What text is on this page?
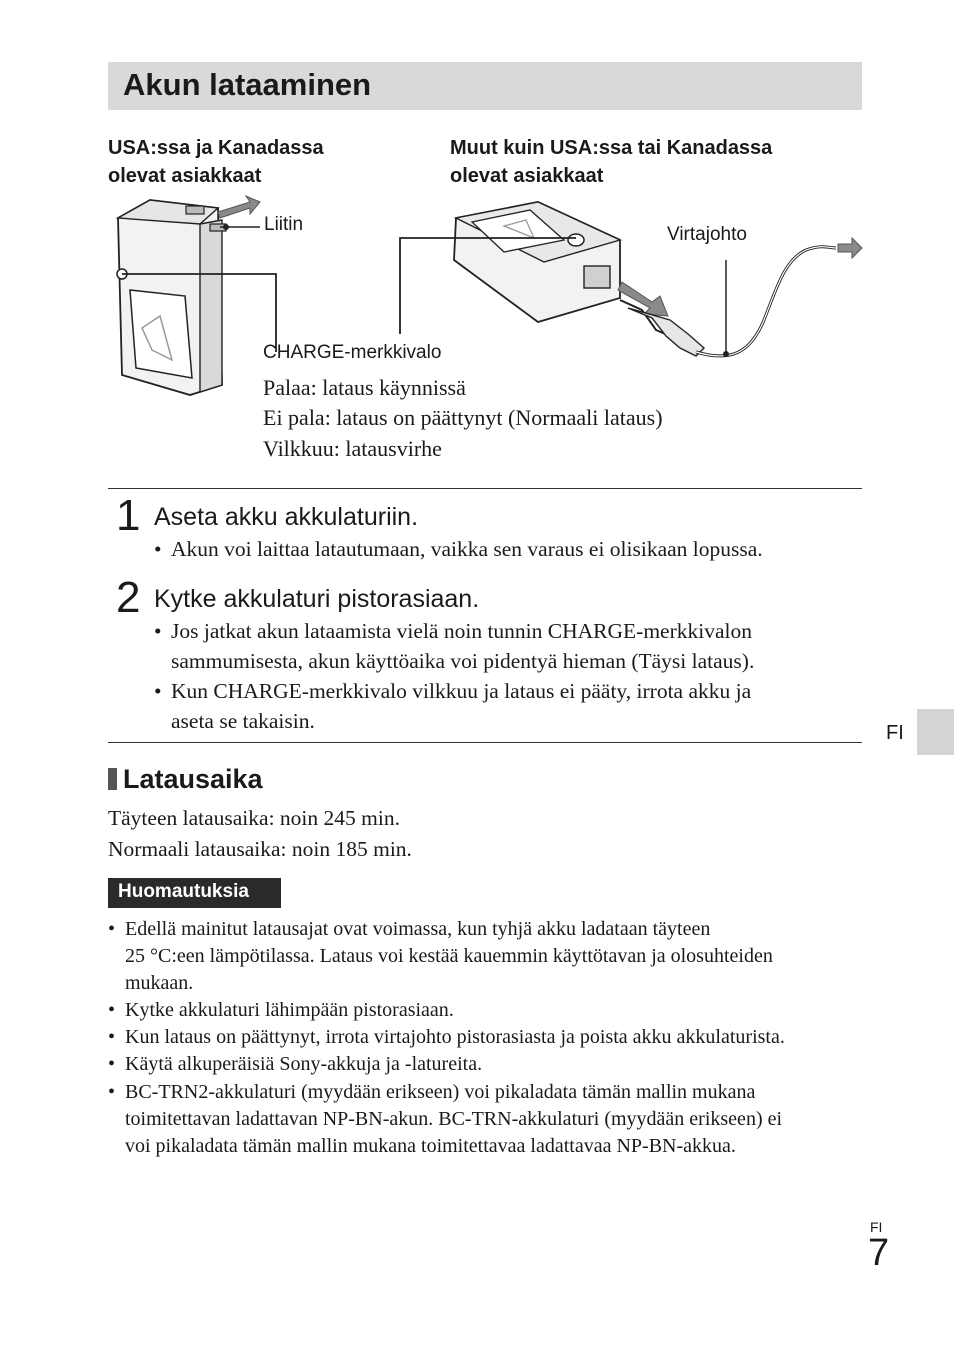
Akun lataaminen
USA:ssa ja Kanadassa
olevat asiakkaat
Muut kuin USA:ssa tai Kanadassa
olevat asiakkaat
Liitin	Virtajohto
CHARGE-merkkivalo
Palaa: lataus käynnissä
Ei pala: lataus on päättynyt (Normaali lataus)
Vilkkuu: latausvirhe
1 Aseta akku akkulaturiin.
• Akun voi laittaa latautumaan, vaikka sen varaus ei olisikaan lopussa.
2 Kytke akkulaturi pistorasiaan.
• Jos jatkat akun lataamista vielä noin tunnin CHARGE-merkkivalon
sammumisesta, akun käyttöaika voi pidentyä hieman (Täysi lataus).
• Kun CHARGE-merkkivalo vilkkuu ja lataus ei pääty, irrota akku ja
aseta se takaisin.
Latausaika
Täyteen latausaika: noin 245 min.
Normaali latausaika: noin 185 min.
Huomautuksia
• Edellä mainitut latausajat ovat voimassa, kun tyhjä akku ladataan täyteen
25 °C:een lämpötilassa. Lataus voi kestää kauemmin käyttötavan ja olosuhteiden
mukaan.
• Kytke akkulaturi lähimpään pistorasiaan.
• Kun lataus on päättynyt, irrota virtajohto pistorasiasta ja poista akku akkulaturista.
• Käytä alkuperäisiä Sony-akkuja ja -latureita.
• BC-TRN2-akkulaturi (myydään erikseen) voi pikaladata tämän mallin mukana
toimitettavan ladattavan NP-BN-akun. BC-TRN-akkulaturi (myydään erikseen) ei
voi pikaladata tämän mallin mukana toimitettavaa ladattavaa NP-BN-akkua.
FI
FI
7
